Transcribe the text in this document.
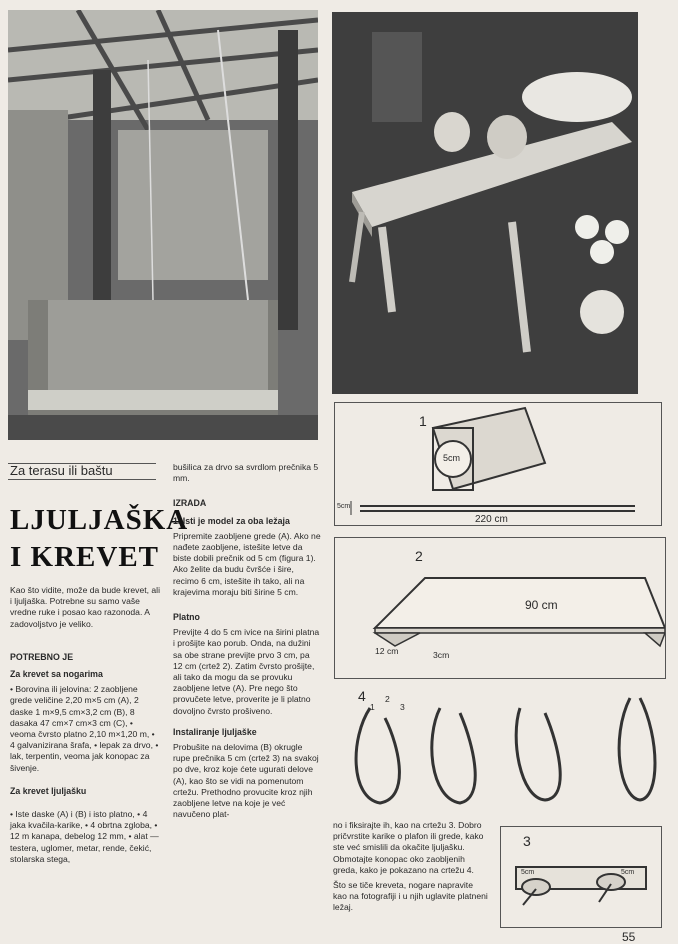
Za terasu ili baštu
LJULJAŠKA
I KREVET

Kao što vidite, može da bude krevet, ali i ljuljaška. Potrebne su samo vaše vredne ruke i posao kao razonoda. A zadovoljstvo je veliko.

POTREBNO JE
Za krevet sa nogarima

• Borovina ili jelovina: 2 zaobljene grede veličine 2,20 m×5 cm (A), 2 daske 1 m×9,5 cm×3,2 cm (B), 8 dasaka 47 cm×7 cm×3 cm (C), • veoma čvrsto platno 2,10 m×1,20 m, • 4 galvanizirana šrafa, • lepak za drvo, • lak, terpentin, veoma jak konopac za šivenje.

Za krevet ljuljašku

• Iste daske (A) i (B) i isto platno, • 4 jaka kvačila-karike, • 4 obrtna zgloba, • 12 m kanapa, debelog 12 mm, • alat — testera, uglomer, metar, rende, čekić, stolarska stega,

bušilica za drvo sa svrdlom prečnika 5 mm.

IZRADA
1. Isti je model za oba ležaja

Pripremite zaobljene grede (A). Ako ne nađete zaobljene, istešite letve da biste dobili prečnik od 5 cm (figura 1). Ako želite da budu čvršće i šire, recimo 6 cm, istešite ih tako, ali na krajevima moraju biti širine 5 cm.

Platno

Previjte 4 do 5 cm ivice na širini platna i prošijte kao porub. Onda, na dužini sa obe strane previjte prvo 3 cm, pa 12 cm (crtež 2). Zatim čvrsto prošijte, ali tako da mogu da se provuku zaobljene letve (A). Pre nego što provučete letve, proverite je li platno dovoljno čvrsto prošiveno.

Instaliranje ljuljaške

Probušite na delovima (B) okrugle rupe prečnika 5 cm (crtež 3) na svakoj po dve, kroz koje ćete ugurati delove (A), kao što se vidi na pomenutom crtežu. Prethodno provucite kroz njih zaobljene letve na koje je već navučeno plat-

1
5cm
5cm
220 cm
2
90 cm
12 cm	3cm
4
1
2
3

no i fiksirajte ih, kao na crtežu 3. Dobro pričvrstite karike o plafon ili grede, kako ste već smislili da okačite ljuljašku. Obmotajte konopac oko zaobljenih greda, kako je pokazano na crtežu 4.

Što se tiče kreveta, nogare napravite kao na fotografiji i u njih uglavite platneni ležaj.

3
5cm	5cm
55
